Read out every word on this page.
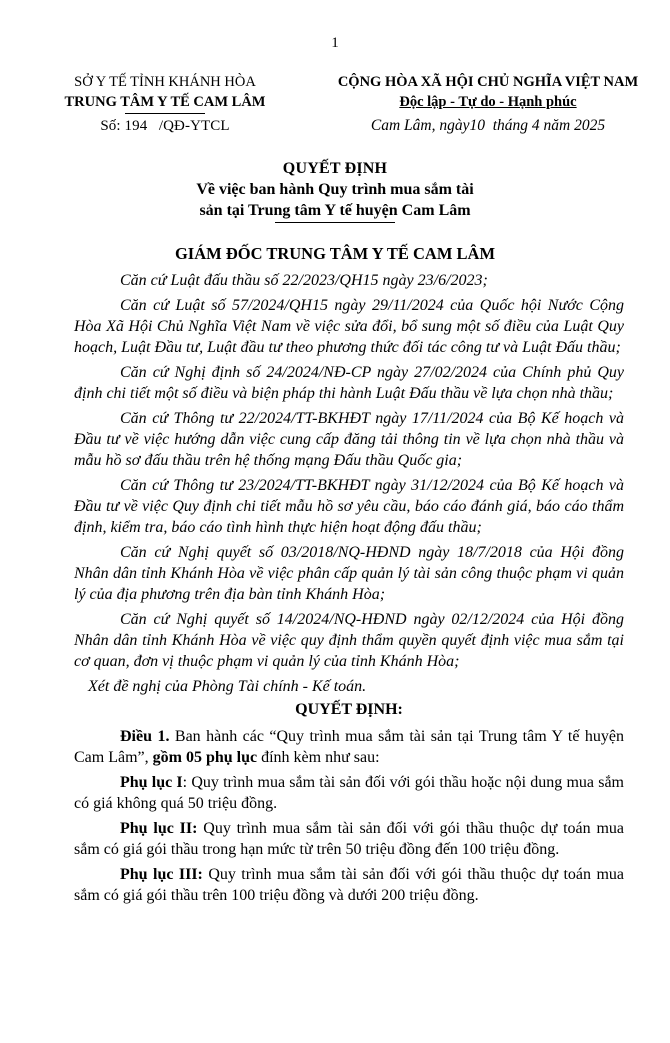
1
SỞ Y TẾ TỈNH KHÁNH HÒA
TRUNG TÂM Y TẾ CAM LÂM
Số: 194   /QĐ-YTCL
CỘNG HÒA XÃ HỘI CHỦ NGHĨA VIỆT NAM
Độc lập - Tự do - Hạnh phúc
Cam Lâm, ngày10  tháng 4 năm 2025
QUYẾT ĐỊNH
Về việc ban hành Quy trình mua sắm tài
sản tại Trung tâm Y tế huyện Cam Lâm
GIÁM ĐỐC TRUNG TÂM Y TẾ CAM LÂM

Căn cứ Luật đấu thầu số 22/2023/QH15 ngày 23/6/2023;

Căn cứ Luật số 57/2024/QH15 ngày 29/11/2024 của Quốc hội Nước Cộng Hòa Xã Hội Chủ Nghĩa Việt Nam về việc sửa đổi, bổ sung một số điều của Luật Quy hoạch, Luật Đầu tư, Luật đầu tư theo phương thức đối tác công tư và Luật Đấu thầu;

Căn cứ Nghị định số 24/2024/NĐ-CP ngày 27/02/2024 của Chính phủ Quy định chi tiết một số điều và biện pháp thi hành Luật Đấu thầu về lựa chọn nhà thầu;

Căn cứ Thông tư 22/2024/TT-BKHĐT ngày 17/11/2024 của Bộ Kế hoạch và Đầu tư về việc hướng dẫn việc cung cấp đăng tải thông tin về lựa chọn nhà thầu và mẫu hồ sơ đấu thầu trên hệ thống mạng Đấu thầu Quốc gia;

Căn cứ Thông tư 23/2024/TT-BKHĐT ngày 31/12/2024 của Bộ Kế hoạch và Đầu tư về việc Quy định chi tiết mẫu hồ sơ yêu cầu, báo cáo đánh giá, báo cáo thẩm định, kiểm tra, báo cáo tình hình thực hiện hoạt động đấu thầu;

Căn cứ Nghị quyết số 03/2018/NQ-HĐND ngày 18/7/2018 của Hội đồng Nhân dân tỉnh Khánh Hòa về việc phân cấp quản lý tài sản công thuộc phạm vi quản lý của địa phương trên địa bàn tỉnh Khánh Hòa;

Căn cứ Nghị quyết số 14/2024/NQ-HĐND ngày 02/12/2024 của Hội đồng Nhân dân tỉnh Khánh Hòa về việc quy định thẩm quyền quyết định việc mua sắm tại cơ quan, đơn vị thuộc phạm vi quản lý của tỉnh Khánh Hòa;

Xét đề nghị của Phòng Tài chính - Kế toán.

QUYẾT ĐỊNH:

Điều 1. Ban hành các “Quy trình mua sắm tài sản tại Trung tâm Y tế huyện Cam Lâm”, gồm 05 phụ lục đính kèm như sau:

Phụ lục I: Quy trình mua sắm tài sản đối với gói thầu hoặc nội dung mua sắm có giá không quá 50 triệu đồng.

Phụ lục II: Quy trình mua sắm tài sản đối với gói thầu thuộc dự toán mua sắm có giá gói thầu trong hạn mức từ trên 50 triệu đồng đến 100 triệu đồng.

Phụ lục III: Quy trình mua sắm tài sản đối với gói thầu thuộc dự toán mua sắm có giá gói thầu trên 100 triệu đồng và dưới 200 triệu đồng.
